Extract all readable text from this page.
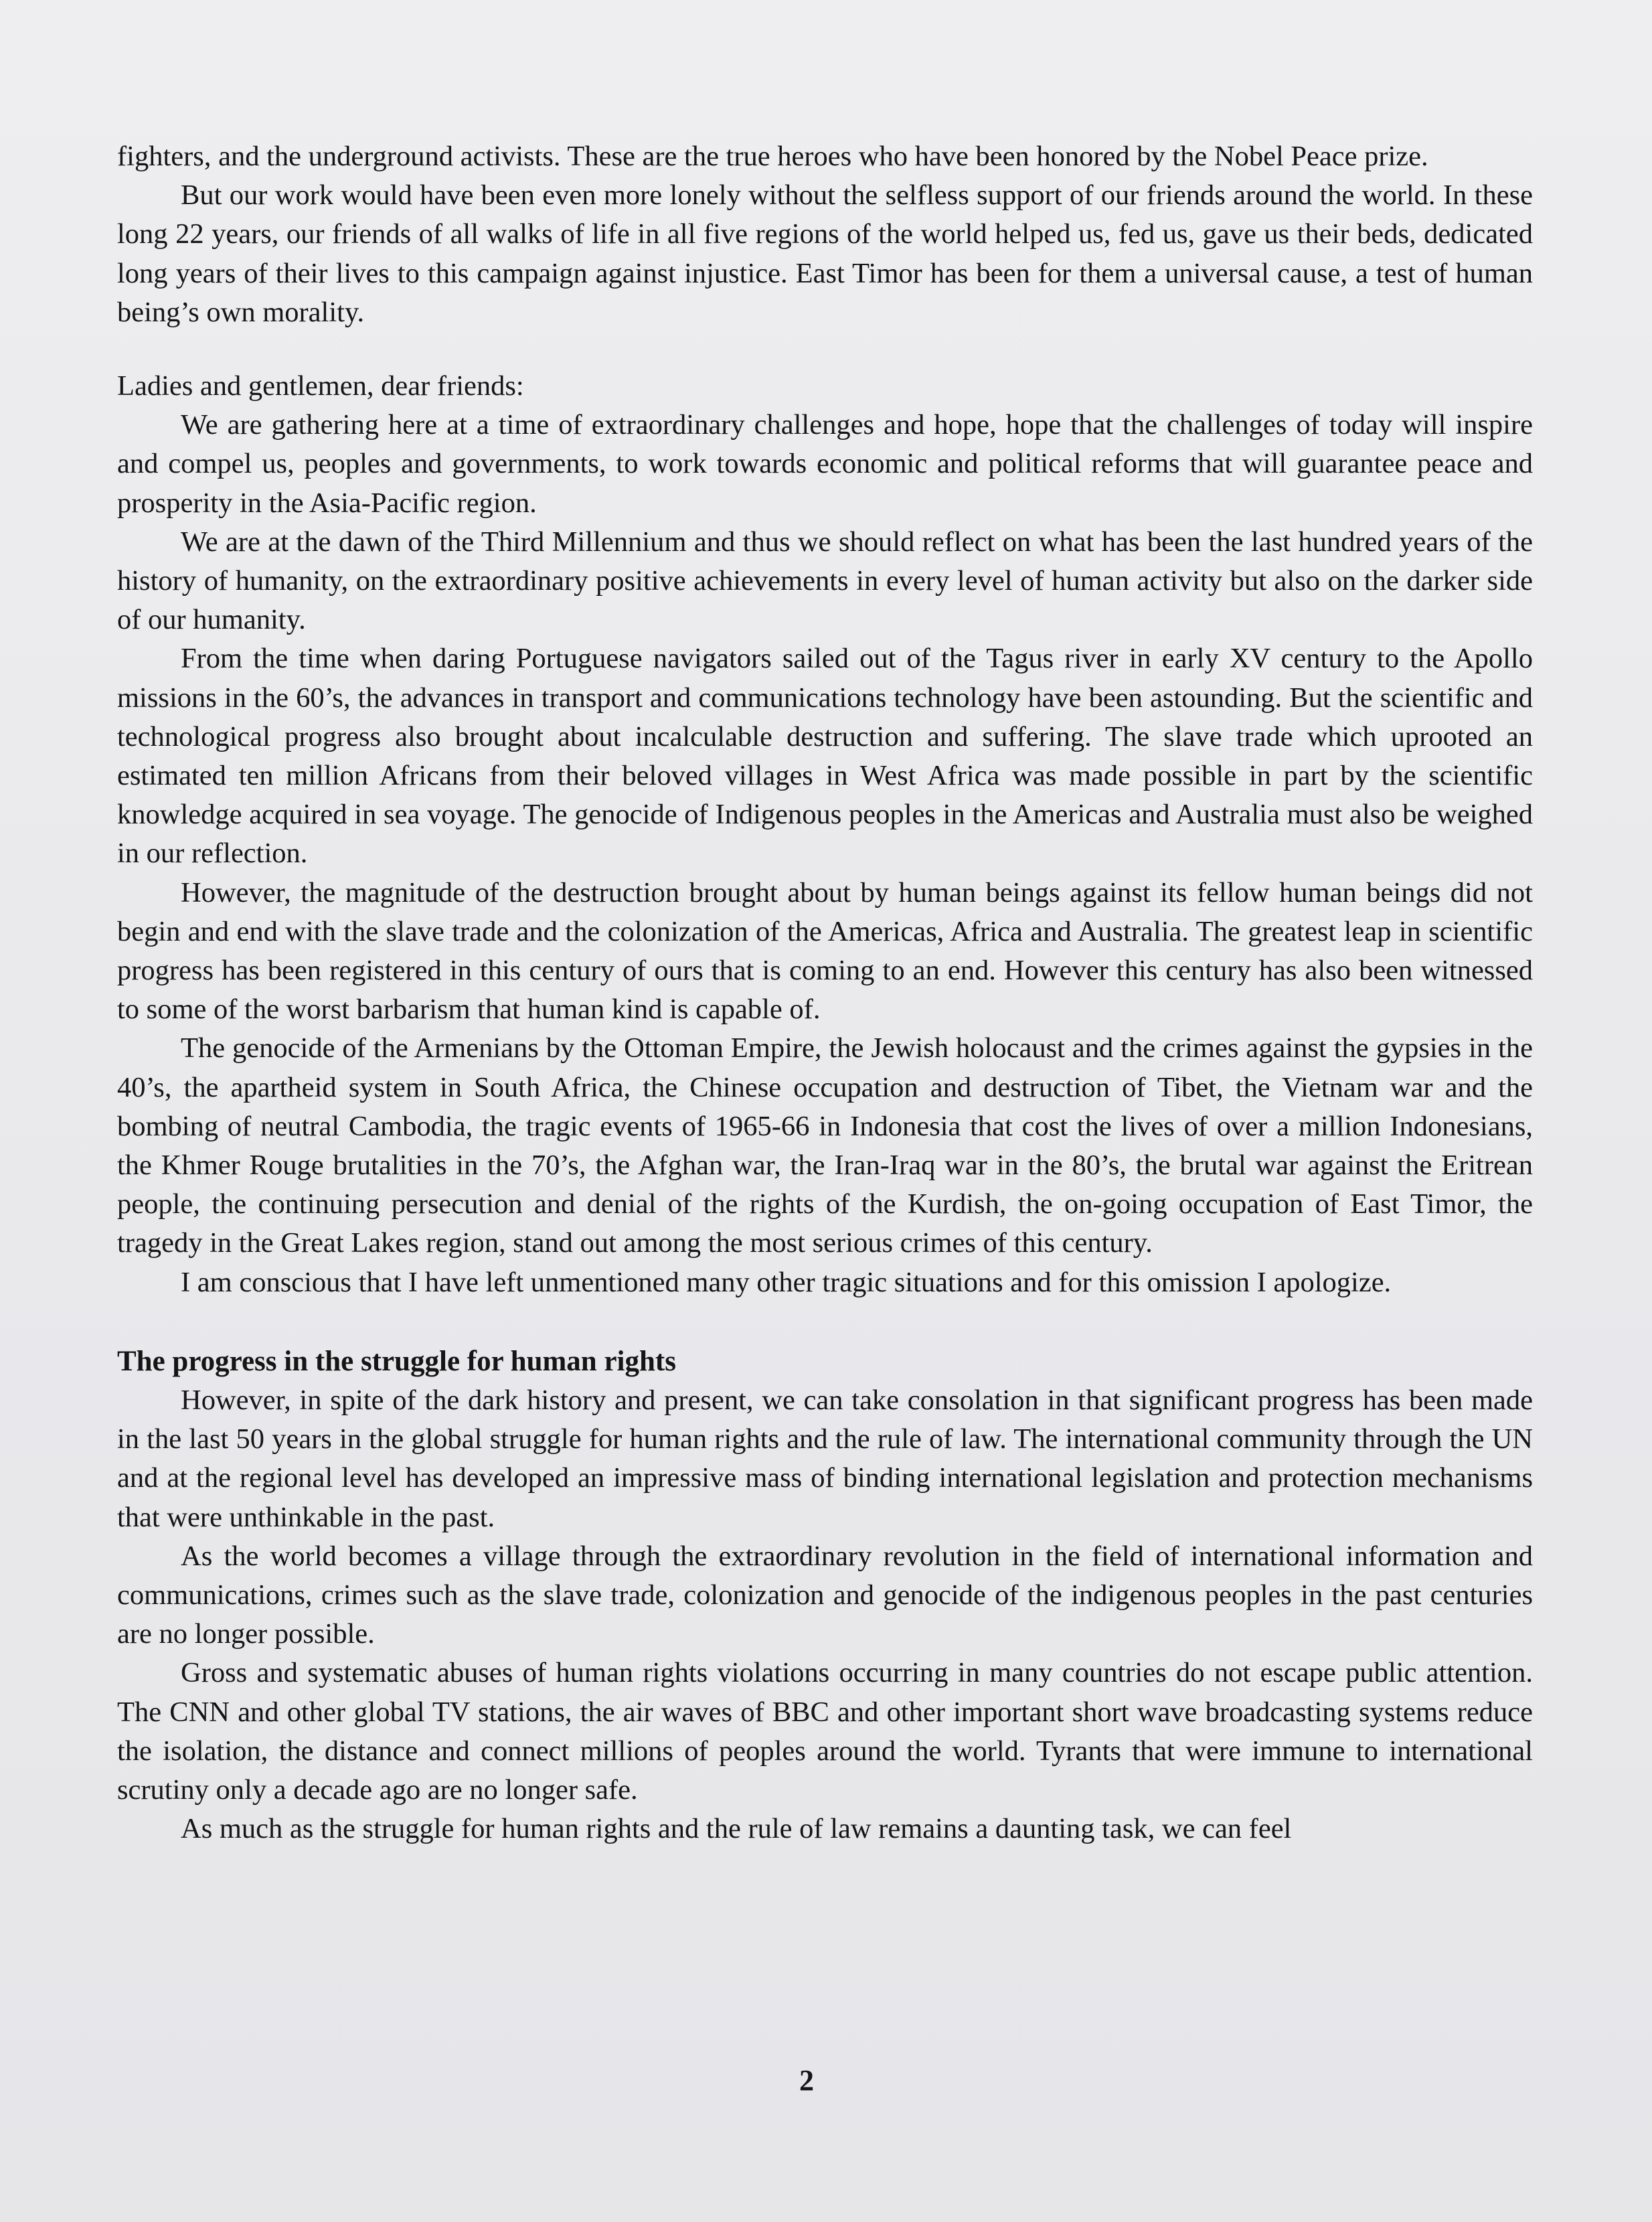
fighters, and the underground activists. These are the true heroes who have been honored by the Nobel Peace prize.

But our work would have been even more lonely without the selfless support of our friends around the world. In these long 22 years, our friends of all walks of life in all five regions of the world helped us, fed us, gave us their beds, dedicated long years of their lives to this campaign against injustice. East Timor has been for them a universal cause, a test of human being’s own morality.

Ladies and gentlemen, dear friends:

We are gathering here at a time of extraordinary challenges and hope, hope that the challenges of today will inspire and compel us, peoples and governments, to work towards economic and political reforms that will guarantee peace and prosperity in the Asia-Pacific region.

We are at the dawn of the Third Millennium and thus we should reflect on what has been the last hundred years of the history of humanity, on the extraordinary positive achievements in every level of human activity but also on the darker side of our humanity.

From the time when daring Portuguese navigators sailed out of the Tagus river in early XV century to the Apollo missions in the 60’s, the advances in transport and communications technology have been astounding. But the scientific and technological progress also brought about incalculable destruction and suffering. The slave trade which uprooted an estimated ten million Africans from their beloved villages in West Africa was made possible in part by the scientific knowledge acquired in sea voyage. The genocide of Indigenous peoples in the Americas and Australia must also be weighed in our reflection.

However, the magnitude of the destruction brought about by human beings against its fellow human beings did not begin and end with the slave trade and the colonization of the Americas, Africa and Australia. The greatest leap in scientific progress has been registered in this century of ours that is coming to an end. However this century has also been witnessed to some of the worst barbarism that human kind is capable of.

The genocide of the Armenians by the Ottoman Empire, the Jewish holocaust and the crimes against the gypsies in the 40’s, the apartheid system in South Africa, the Chinese occupation and destruction of Tibet, the Vietnam war and the bombing of neutral Cambodia, the tragic events of 1965-66 in Indonesia that cost the lives of over a million Indonesians, the Khmer Rouge brutalities in the 70’s, the Afghan war, the Iran-Iraq war in the 80’s, the brutal war against the Eritrean people, the continuing persecution and denial of the rights of the Kurdish, the on-going occupation of East Timor, the tragedy in the Great Lakes region, stand out among the most serious crimes of this century.

I am conscious that I have left unmentioned many other tragic situations and for this omission I apologize.

The progress in the struggle for human rights

However, in spite of the dark history and present, we can take consolation in that significant progress has been made in the last 50 years in the global struggle for human rights and the rule of law. The international community through the UN and at the regional level has developed an impressive mass of binding international legislation and protection mechanisms that were unthinkable in the past.

As the world becomes a village through the extraordinary revolution in the field of international information and communications, crimes such as the slave trade, colonization and genocide of the indigenous peoples in the past centuries are no longer possible.

Gross and systematic abuses of human rights violations occurring in many countries do not escape public attention. The CNN and other global TV stations, the air waves of BBC and other important short wave broadcasting systems reduce the isolation, the distance and connect millions of peoples around the world. Tyrants that were immune to international scrutiny only a decade ago are no longer safe.

As much as the struggle for human rights and the rule of law remains a daunting task, we can feel

2
